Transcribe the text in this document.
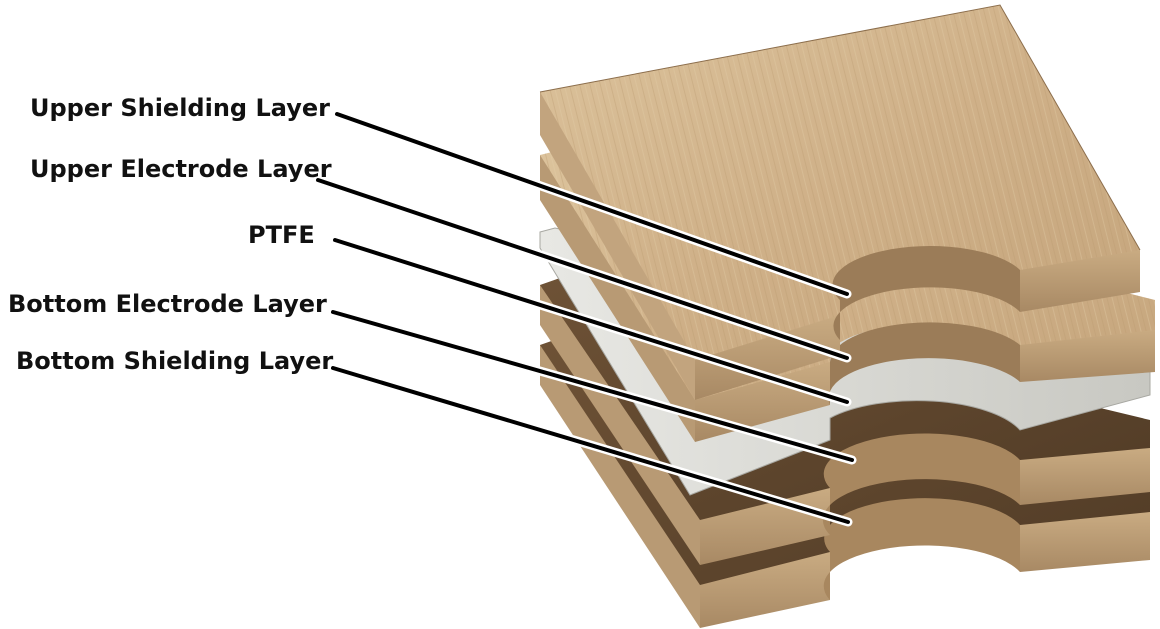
Upper Shielding Layer
Upper Electrode Layer
PTFE
Bottom Electrode Layer
Bottom Shielding Layer
